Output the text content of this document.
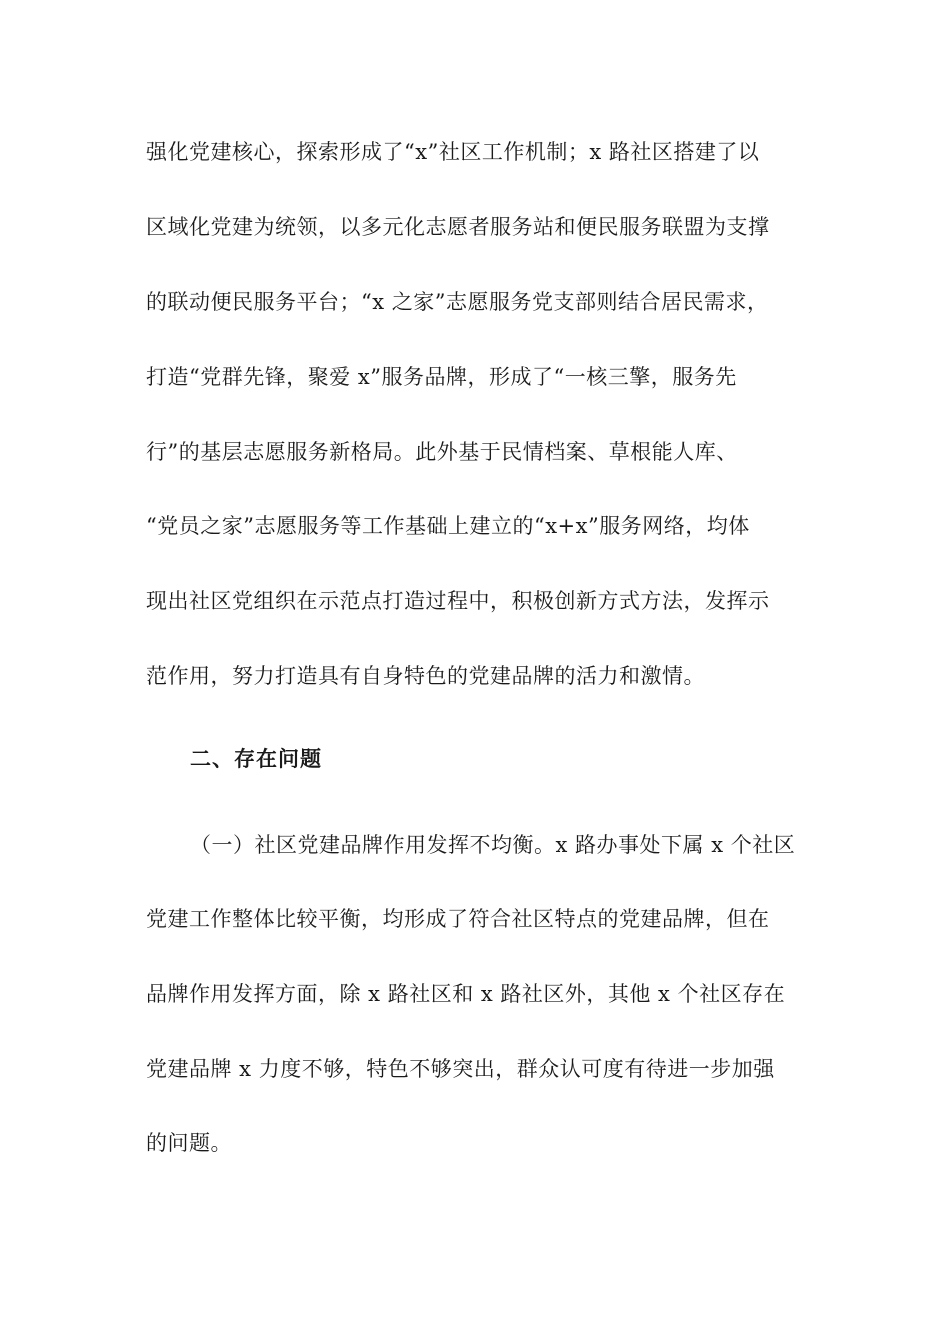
强化党建核心，探索形成了“x”社区工作机制；x 路社区搭建了以
区域化党建为统领，以多元化志愿者服务站和便民服务联盟为支撑
的联动便民服务平台；“x 之家”志愿服务党支部则结合居民需求，
打造“党群先锋，聚爱 x”服务品牌，形成了“一核三擎，服务先
行”的基层志愿服务新格局。此外基于民情档案、草根能人库、
“党员之家”志愿服务等工作基础上建立的“x+x”服务网络，均体
现出社区党组织在示范点打造过程中，积极创新方式方法，发挥示
范作用，努力打造具有自身特色的党建品牌的活力和激情。
二、存在问题
（一）社区党建品牌作用发挥不均衡。x 路办事处下属 x 个社区
党建工作整体比较平衡，均形成了符合社区特点的党建品牌，但在
品牌作用发挥方面，除 x 路社区和 x 路社区外，其他 x 个社区存在
党建品牌 x 力度不够，特色不够突出，群众认可度有待进一步加强
的问题。
